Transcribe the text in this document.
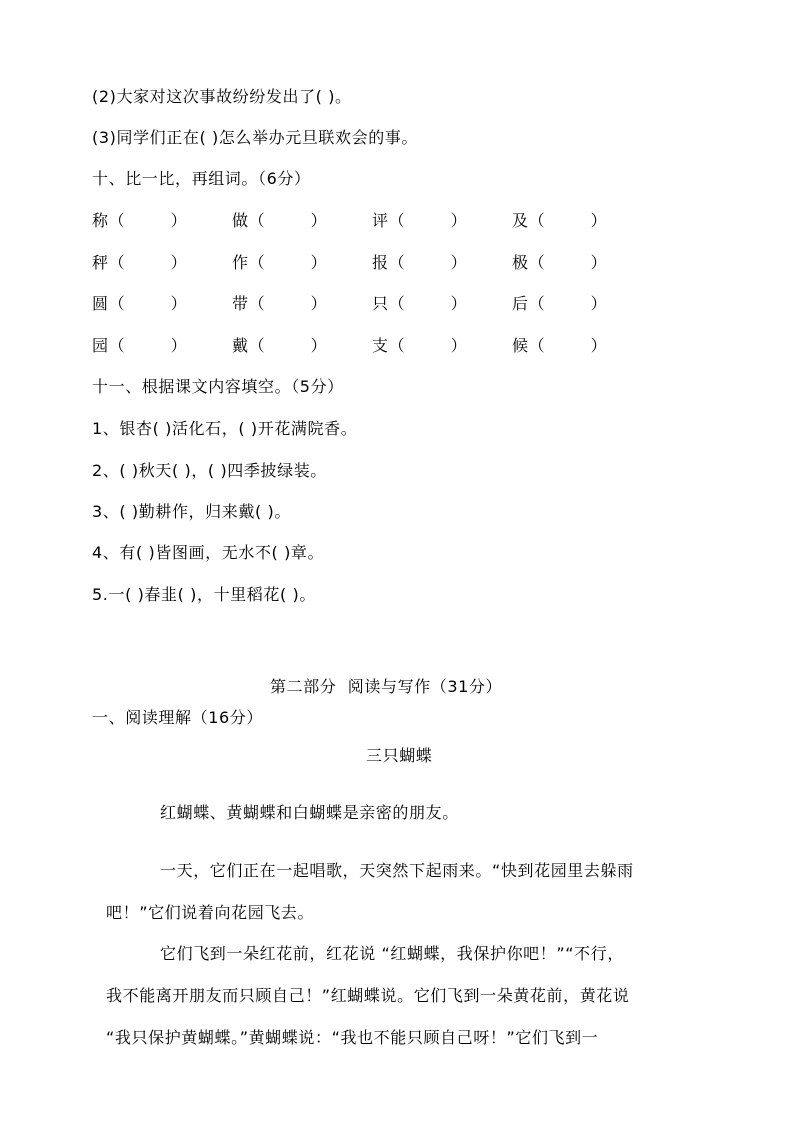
(2)大家对这次事故纷纷发出了( )。
(3)同学们正在( )怎么举办元旦联欢会的事。
十、比一比，再组词。（6分）
称（        ）	做（        ）	评（        ）	及（        ）
秤（        ）	作（        ）	报（        ）	极（        ）
圆（        ）	带（        ）	只（        ）	后（        ）
园（        ）	戴（        ）	支（        ）	候（        ）
十一、根据课文内容填空。（5分）
1、银杏( )活化石，( )开花满院香。
2、( )秋天( )，( )四季披绿装。
3、( )勤耕作，归来戴( )。
4、有( )皆图画，无水不( )章。
5.一( )春韭( )，十里稻花( )。
第二部分  阅读与写作（31分）
一、阅读理解（16分）
三只蝴蝶
红蝴蝶、黄蝴蝶和白蝴蝶是亲密的朋友。
一天，它们正在一起唱歌，天突然下起雨来。“快到花园里去躲雨
吧！”它们说着向花园飞去。
它们飞到一朵红花前，红花说 “红蝴蝶，我保护你吧！”“不行，
我不能离开朋友而只顾自己！”红蝴蝶说。它们飞到一朵黄花前，黄花说
“我只保护黄蝴蝶。”黄蝴蝶说：“我也不能只顾自己呀！”它们飞到一
